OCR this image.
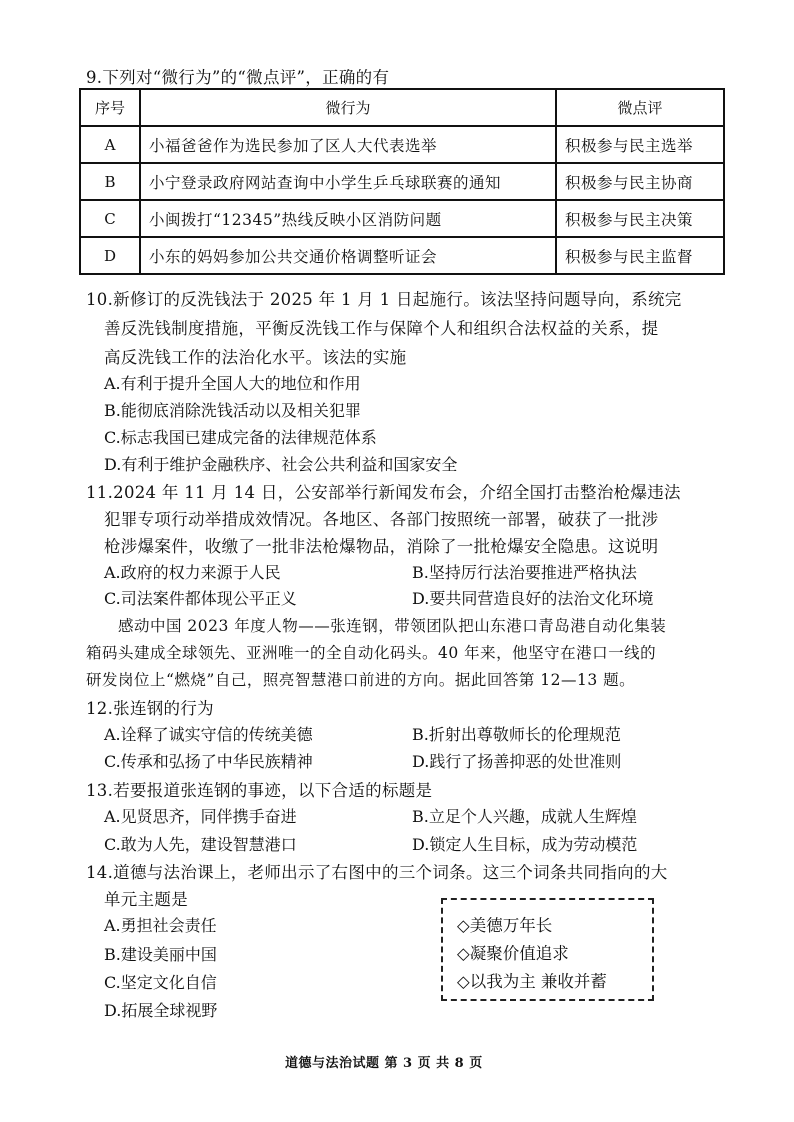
9.下列对“微行为”的“微点评”，正确的有
序号	微行为	微点评
A	小福爸爸作为选民参加了区人大代表选举	积极参与民主选举
B	小宁登录政府网站查询中小学生乒乓球联赛的通知	积极参与民主协商
C	小闽拨打“12345”热线反映小区消防问题	积极参与民主决策
D	小东的妈妈参加公共交通价格调整听证会	积极参与民主监督
10.新修订的反洗钱法于 2025 年 1 月 1 日起施行。该法坚持问题导向，系统完
善反洗钱制度措施，平衡反洗钱工作与保障个人和组织合法权益的关系，提
高反洗钱工作的法治化水平。该法的实施
A.有利于提升全国人大的地位和作用
B.能彻底消除洗钱活动以及相关犯罪
C.标志我国已建成完备的法律规范体系
D.有利于维护金融秩序、社会公共利益和国家安全
11.2024 年 11 月 14 日，公安部举行新闻发布会，介绍全国打击整治枪爆违法
犯罪专项行动举措成效情况。各地区、各部门按照统一部署，破获了一批涉
枪涉爆案件，收缴了一批非法枪爆物品，消除了一批枪爆安全隐患。这说明
A.政府的权力来源于人民	B.坚持厉行法治要推进严格执法
C.司法案件都体现公平正义	D.要共同营造良好的法治文化环境
感动中国 2023 年度人物——张连钢，带领团队把山东港口青岛港自动化集装
箱码头建成全球领先、亚洲唯一的全自动化码头。40 年来，他坚守在港口一线的
研发岗位上“燃烧”自己，照亮智慧港口前进的方向。据此回答第 12—13 题。
12.张连钢的行为
A.诠释了诚实守信的传统美德	B.折射出尊敬师长的伦理规范
C.传承和弘扬了中华民族精神	D.践行了扬善抑恶的处世准则
13.若要报道张连钢的事迹，以下合适的标题是
A.见贤思齐，同伴携手奋进	B.立足个人兴趣，成就人生辉煌
C.敢为人先，建设智慧港口	D.锁定人生目标，成为劳动模范
14.道德与法治课上，老师出示了右图中的三个词条。这三个词条共同指向的大
单元主题是
A.勇担社会责任
B.建设美丽中国
C.坚定文化自信
D.拓展全球视野
◇美德万年长
◇凝聚价值追求
◇以我为主 兼收并蓄
道德与法治试题 第 3 页 共 8 页
